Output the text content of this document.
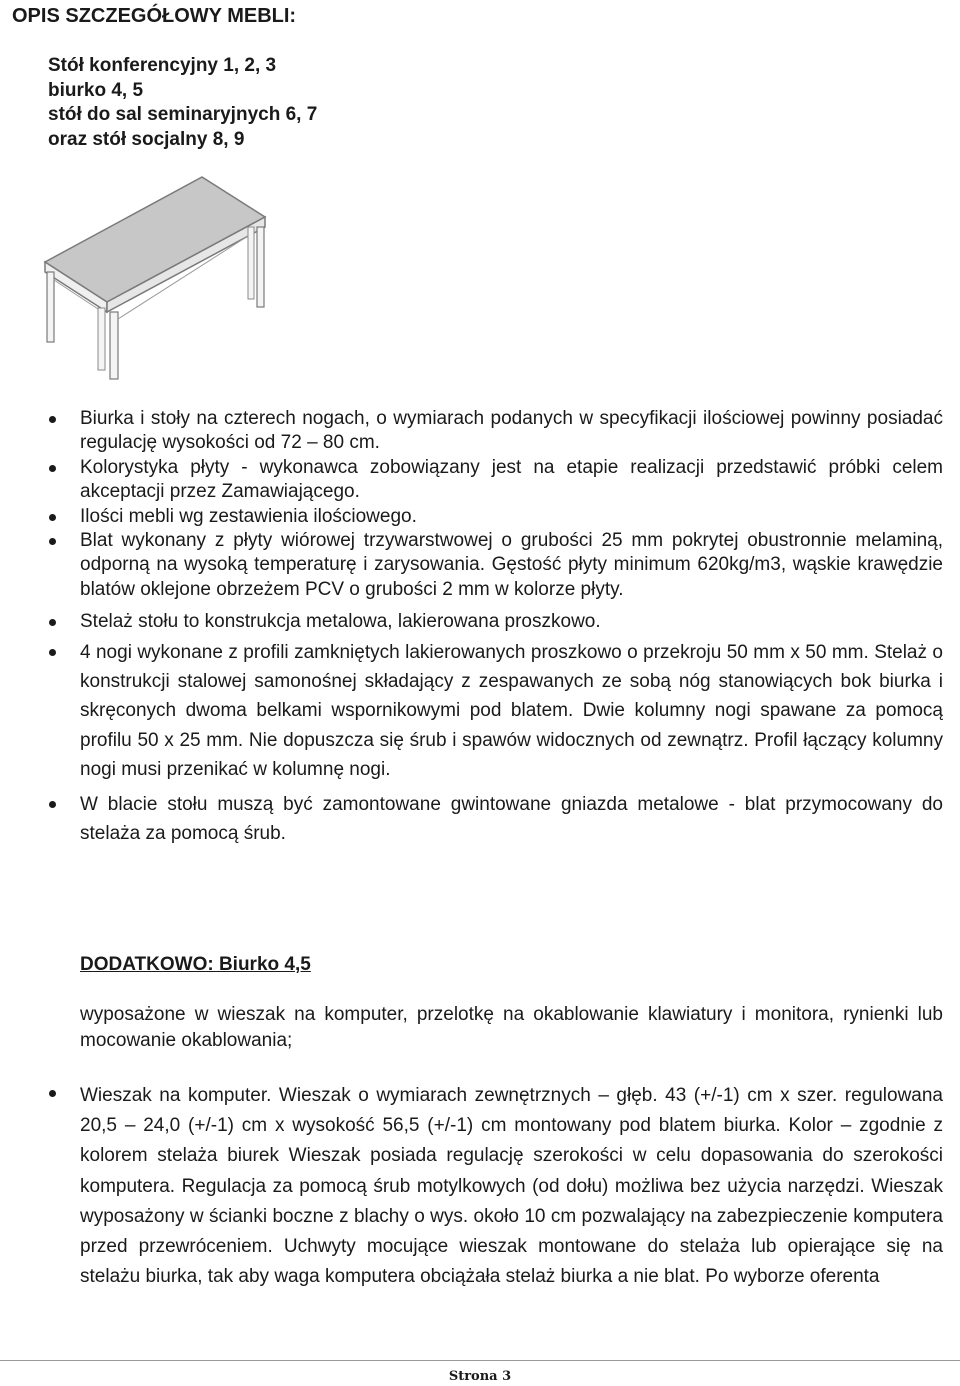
OPIS SZCZEGÓŁOWY MEBLI:
Stół konferencyjny 1, 2, 3
biurko 4, 5
stół do sal seminaryjnych 6, 7
oraz stół socjalny 8, 9
Biurka i stoły na czterech nogach, o wymiarach podanych w specyfikacji ilościowej powinny posiadać regulację wysokości od 72 – 80 cm.
Kolorystyka płyty - wykonawca zobowiązany jest na etapie realizacji przedstawić próbki celem akceptacji przez Zamawiającego.
Ilości mebli wg zestawienia ilościowego.
Blat wykonany z płyty wiórowej trzywarstwowej o grubości 25 mm pokrytej obustronnie melaminą, odporną na wysoką temperaturę i zarysowania. Gęstość płyty minimum 620kg/m3, wąskie krawędzie blatów oklejone obrzeżem PCV o grubości 2 mm w kolorze płyty.
Stelaż stołu to konstrukcja metalowa, lakierowana proszkowo.
4 nogi wykonane z profili zamkniętych lakierowanych proszkowo o przekroju 50 mm x 50 mm. Stelaż o konstrukcji stalowej samonośnej składający z zespawanych ze sobą nóg stanowiących bok biurka i skręconych dwoma belkami wspornikowymi pod blatem. Dwie kolumny nogi spawane za pomocą profilu 50 x 25 mm. Nie dopuszcza się śrub i spawów widocznych od zewnątrz. Profil łączący kolumny nogi musi przenikać w kolumnę nogi.
W blacie stołu muszą być zamontowane gwintowane gniazda metalowe - blat przymocowany do stelaża za pomocą śrub.
DODATKOWO: Biurko 4,5
wyposażone w wieszak na komputer, przelotkę na okablowanie klawiatury i monitora, rynienki lub mocowanie okablowania;
Wieszak na komputer. Wieszak o wymiarach zewnętrznych – głęb. 43 (+/-1) cm x szer. regulowana 20,5 – 24,0 (+/-1) cm x wysokość 56,5 (+/-1) cm montowany pod blatem biurka. Kolor – zgodnie z kolorem stelaża biurek Wieszak posiada regulację szerokości w celu dopasowania do szerokości komputera. Regulacja za pomocą śrub motylkowych (od dołu) możliwa bez użycia narzędzi. Wieszak wyposażony w ścianki boczne z blachy o wys. około 10 cm pozwalający na zabezpieczenie komputera przed przewróceniem. Uchwyty mocujące wieszak montowane do stelaża lub opierające się na stelażu biurka, tak aby waga komputera obciążała stelaż biurka a nie blat. Po wyborze oferenta
Strona 3
